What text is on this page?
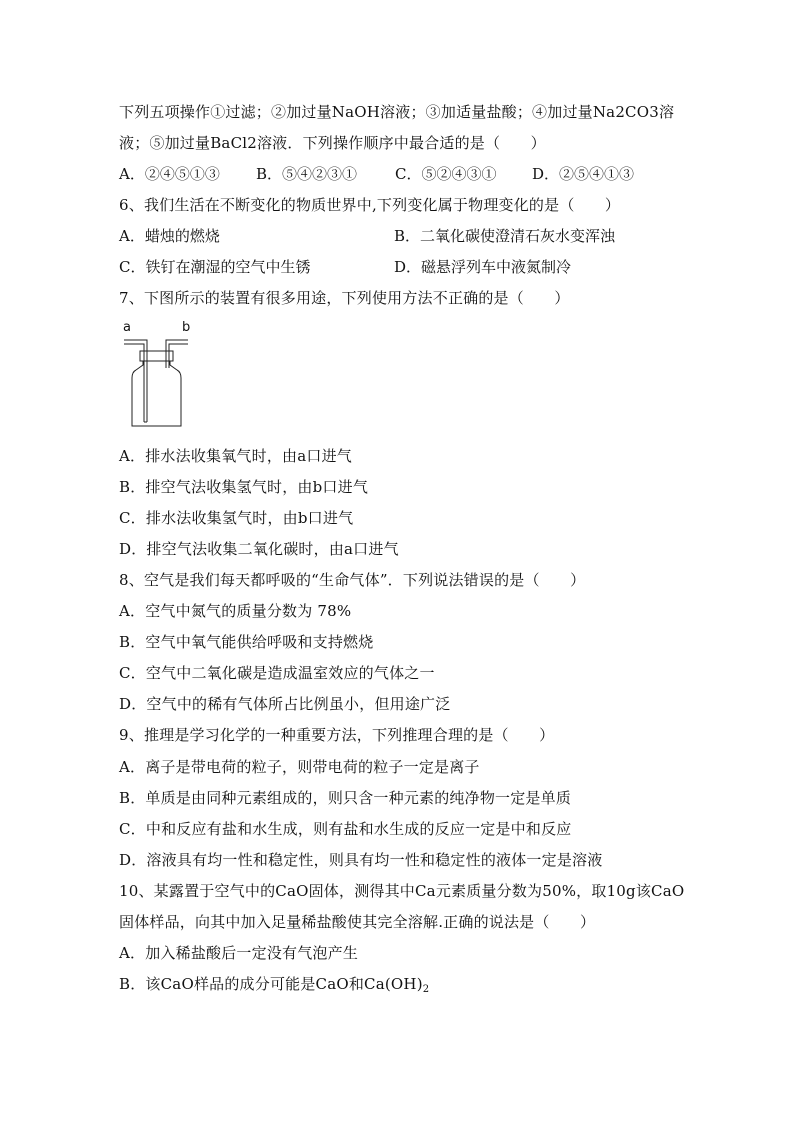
下列五项操作①过滤；②加过量NaOH溶液；③加适量盐酸；④加过量Na2CO3溶
液；⑤加过量BaCl2溶液．下列操作顺序中最合适的是（　　）
A．②④⑤①③ B．⑤④②③①	C．⑤②④③① D．②⑤④①③
6、我们生活在不断变化的物质世界中,下列变化属于物理变化的是（　　）
A．蜡烛的燃烧	B．二氧化碳使澄清石灰水变浑浊
C．铁钉在潮湿的空气中生锈	D．磁悬浮列车中液氮制冷
7、下图所示的装置有很多用途，下列使用方法不正确的是（　　）
a	b
A．排水法收集氧气时，由a口进气
B．排空气法收集氢气时，由b口进气
C．排水法收集氢气时，由b口进气
D．排空气法收集二氧化碳时，由a口进气
8、空气是我们每天都呼吸的“生命气体”．下列说法错误的是（　　）
A．空气中氮气的质量分数为 78%
B．空气中氧气能供给呼吸和支持燃烧
C．空气中二氧化碳是造成温室效应的气体之一
D．空气中的稀有气体所占比例虽小，但用途广泛
9、推理是学习化学的一种重要方法，下列推理合理的是（　　）
A．离子是带电荷的粒子，则带电荷的粒子一定是离子
B．单质是由同种元素组成的，则只含一种元素的纯净物一定是单质
C．中和反应有盐和水生成，则有盐和水生成的反应一定是中和反应
D．溶液具有均一性和稳定性，则具有均一性和稳定性的液体一定是溶液
10、某露置于空气中的CaO固体，测得其中Ca元素质量分数为50%，取10g该CaO
固体样品，向其中加入足量稀盐酸使其完全溶解.正确的说法是（　　）
A．加入稀盐酸后一定没有气泡产生
B．该CaO样品的成分可能是CaO和$Ca(OH)_2$
